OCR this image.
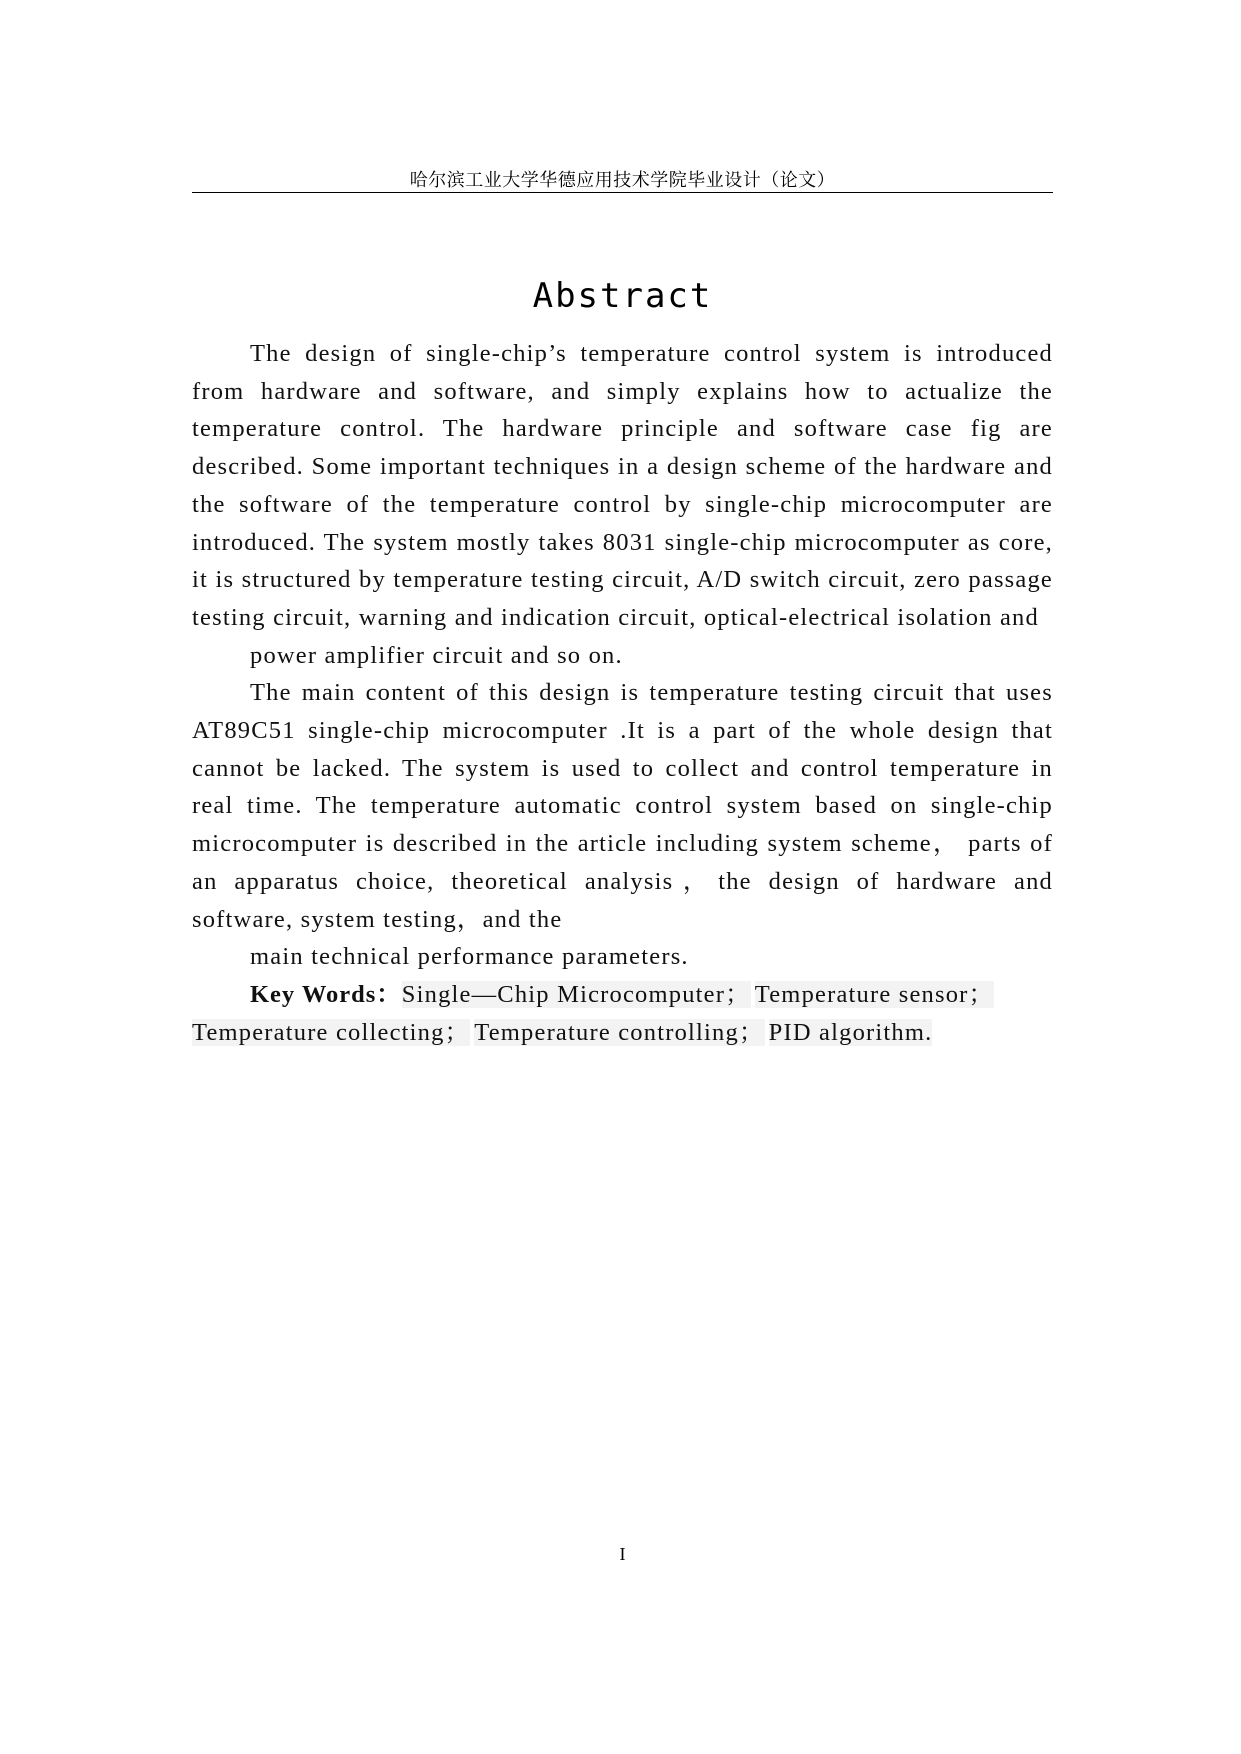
哈尔滨工业大学华德应用技术学院毕业设计（论文）
Abstract

The design of single-chip’s temperature control system is introduced from hardware and software, and simply explains how to actualize the temperature control. The hardware principle and software case fig are described. Some important techniques in a design scheme of the hardware and the software of the temperature control by single-chip microcomputer are introduced. The system mostly takes 8031 single-chip microcomputer as core, it is structured by temperature testing circuit, A/D switch circuit, zero passage testing circuit, warning and indication circuit, optical-electrical isolation and
power amplifier circuit and so on.

The main content of this design is temperature testing circuit that uses AT89C51 single-chip microcomputer .It is a part of the whole design that cannot be lacked. The system is used to collect and control temperature in real time. The temperature automatic control system based on single-chip microcomputer is described in the article including system scheme， parts of an apparatus choice, theoretical analysis，the design of hardware and software, system testing，and the
main technical performance parameters.

Key Words：Single—Chip Microcomputer； Temperature sensor；
Temperature collecting； Temperature controlling； PID algorithm.

I
